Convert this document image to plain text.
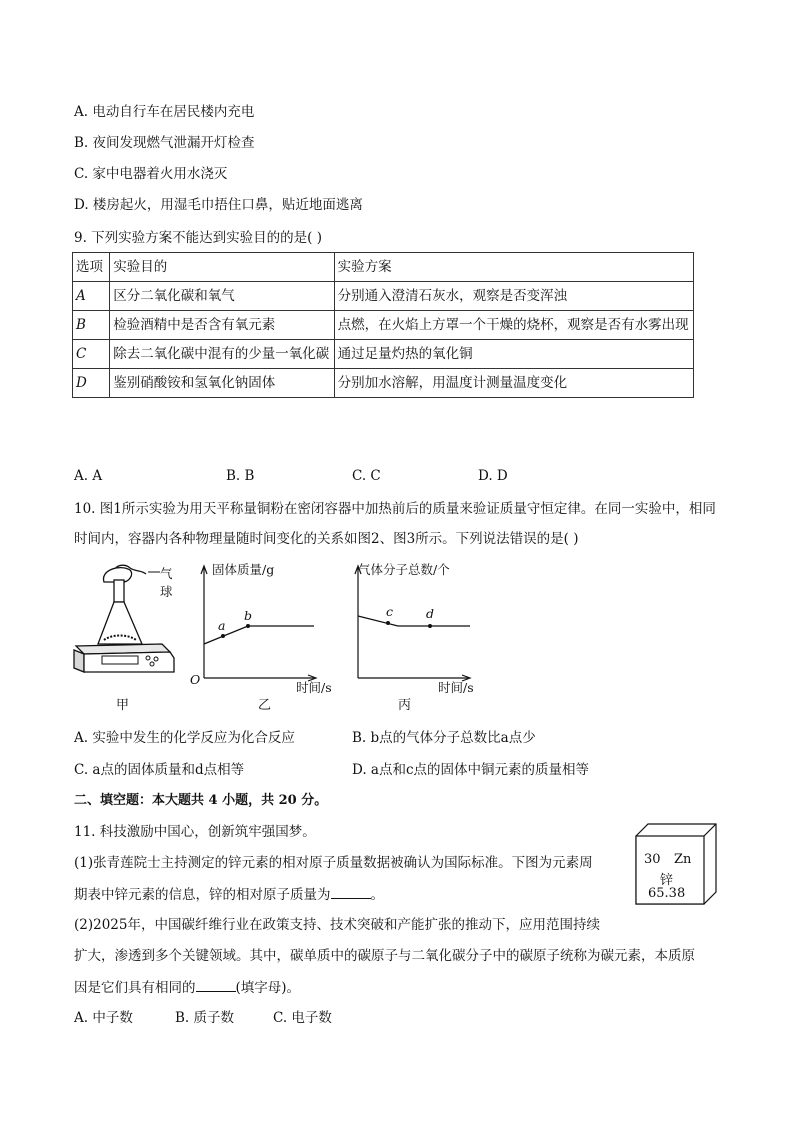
A. 电动自行车在居民楼内充电
B. 夜间发现燃气泄漏开灯检查
C. 家中电器着火用水浇灭
D. 楼房起火，用湿毛巾捂住口鼻，贴近地面逃离
9. 下列实验方案不能达到实验目的的是( )
选项	实验目的	实验方案
A	区分二氧化碳和氧气	分别通入澄清石灰水，观察是否变浑浊
B	检验酒精中是否含有氧元素	点燃，在火焰上方罩一个干燥的烧杯，观察是否有水雾出现
C	除去二氧化碳中混有的少量一氧化碳	通过足量灼热的氧化铜
D	鉴别硝酸铵和氢氧化钠固体	分别加水溶解，用温度计测量温度变化
A. A	B. B	C. C	D. D
10. 图1所示实验为用天平称量铜粉在密闭容器中加热前后的质量来验证质量守恒定律。在同一实验中，相同时间内，容器内各种物理量随时间变化的关系如图2、图3所示。下列说法错误的是( )
气球
甲
固体质量/g
a
b
O
时间/s
乙
气体分子总数/个
c	d
时间/s
丙
A. 实验中发生的化学反应为化合反应	B. b点的气体分子总数比a点少
C. a点的固体质量和d点相等	D. a点和c点的固体中铜元素的质量相等
二、填空题：本大题共 4 小题，共 20 分。
11. 科技激励中国心，创新筑牢强国梦。
(1)张青莲院士主持测定的锌元素的相对原子质量数据被确认为国际标准。下图为元素周
期表中锌元素的信息，锌的相对原子质量为	。
(2)2025年，中国碳纤维行业在政策支持、技术突破和产能扩张的推动下，应用范围持续
扩大，渗透到多个关键领域。其中，碳单质中的碳原子与二氧化碳分子中的碳原子统称为碳元素，本质原
因是它们具有相同的	(填字母)。
A. 中子数	B. 质子数	C. 电子数
30 Zn
锌
65.38
